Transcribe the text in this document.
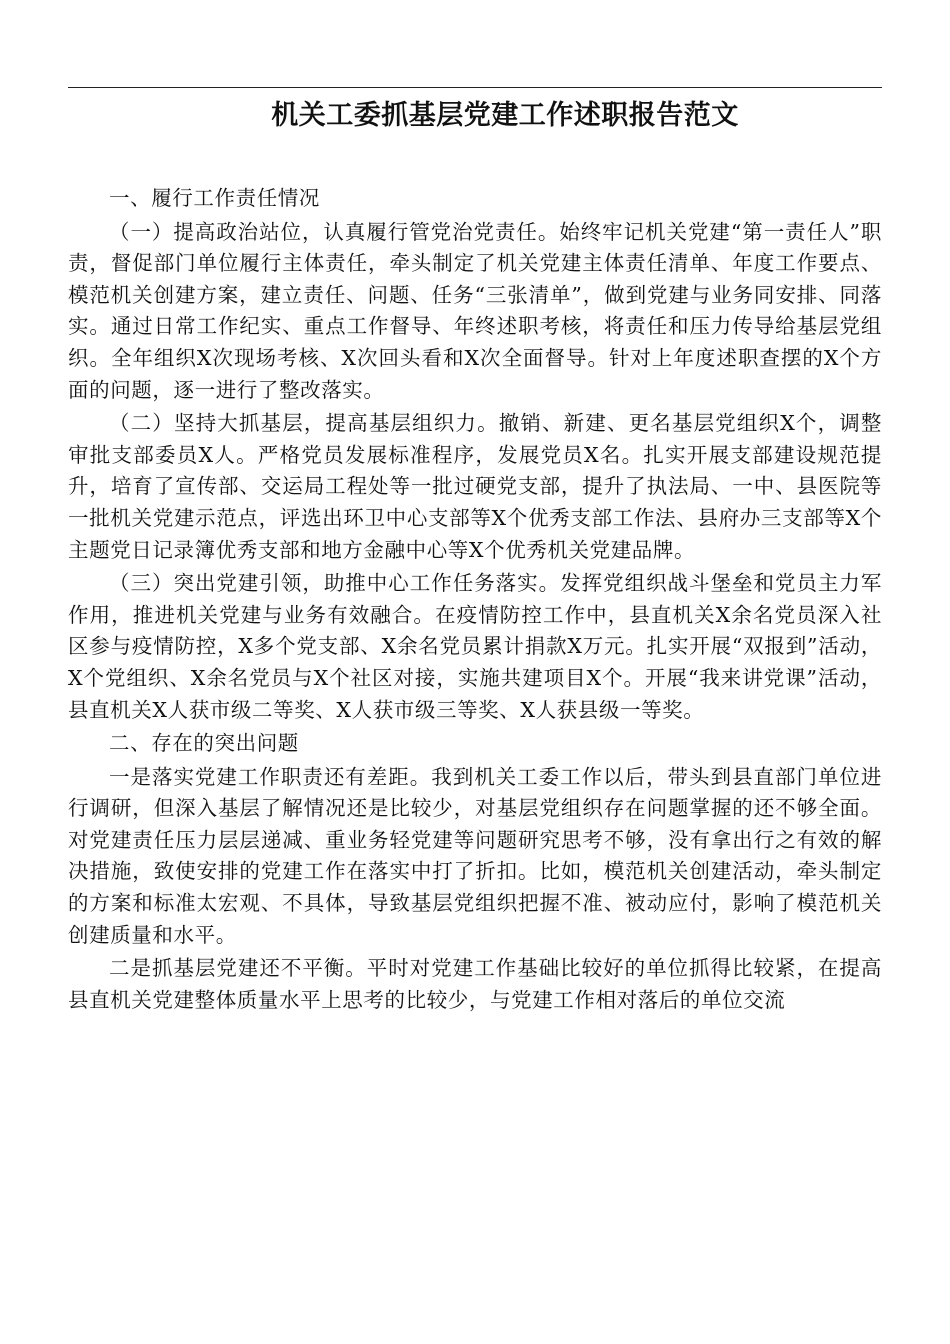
机关工委抓基层党建工作述职报告范文

一、履行工作责任情况

（一）提高政治站位，认真履行管党治党责任。始终牢记机关党建“第一责任人”职责，督促部门单位履行主体责任，牵头制定了机关党建主体责任清单、年度工作要点、模范机关创建方案，建立责任、问题、任务“三张清单”，做到党建与业务同安排、同落实。通过日常工作纪实、重点工作督导、年终述职考核，将责任和压力传导给基层党组织。全年组织X次现场考核、X次回头看和X次全面督导。针对上年度述职查摆的X个方面的问题，逐一进行了整改落实。

（二）坚持大抓基层，提高基层组织力。撤销、新建、更名基层党组织X个，调整审批支部委员X人。严格党员发展标准程序，发展党员X名。扎实开展支部建设规范提升，培育了宣传部、交运局工程处等一批过硬党支部，提升了执法局、一中、县医院等一批机关党建示范点，评选出环卫中心支部等X个优秀支部工作法、县府办三支部等X个主题党日记录簿优秀支部和地方金融中心等X个优秀机关党建品牌。

（三）突出党建引领，助推中心工作任务落实。发挥党组织战斗堡垒和党员主力军作用，推进机关党建与业务有效融合。在疫情防控工作中，县直机关X余名党员深入社区参与疫情防控，X多个党支部、X余名党员累计捐款X万元。扎实开展“双报到”活动，X个党组织、X余名党员与X个社区对接，实施共建项目X个。开展“我来讲党课”活动，县直机关X人获市级二等奖、X人获市级三等奖、X人获县级一等奖。

二、存在的突出问题

一是落实党建工作职责还有差距。我到机关工委工作以后，带头到县直部门单位进行调研，但深入基层了解情况还是比较少，对基层党组织存在问题掌握的还不够全面。对党建责任压力层层递减、重业务轻党建等问题研究思考不够，没有拿出行之有效的解决措施，致使安排的党建工作在落实中打了折扣。比如，模范机关创建活动，牵头制定的方案和标准太宏观、不具体，导致基层党组织把握不准、被动应付，影响了模范机关创建质量和水平。

二是抓基层党建还不平衡。平时对党建工作基础比较好的单位抓得比较紧，在提高县直机关党建整体质量水平上思考的比较少，与党建工作相对落后的单位交流
